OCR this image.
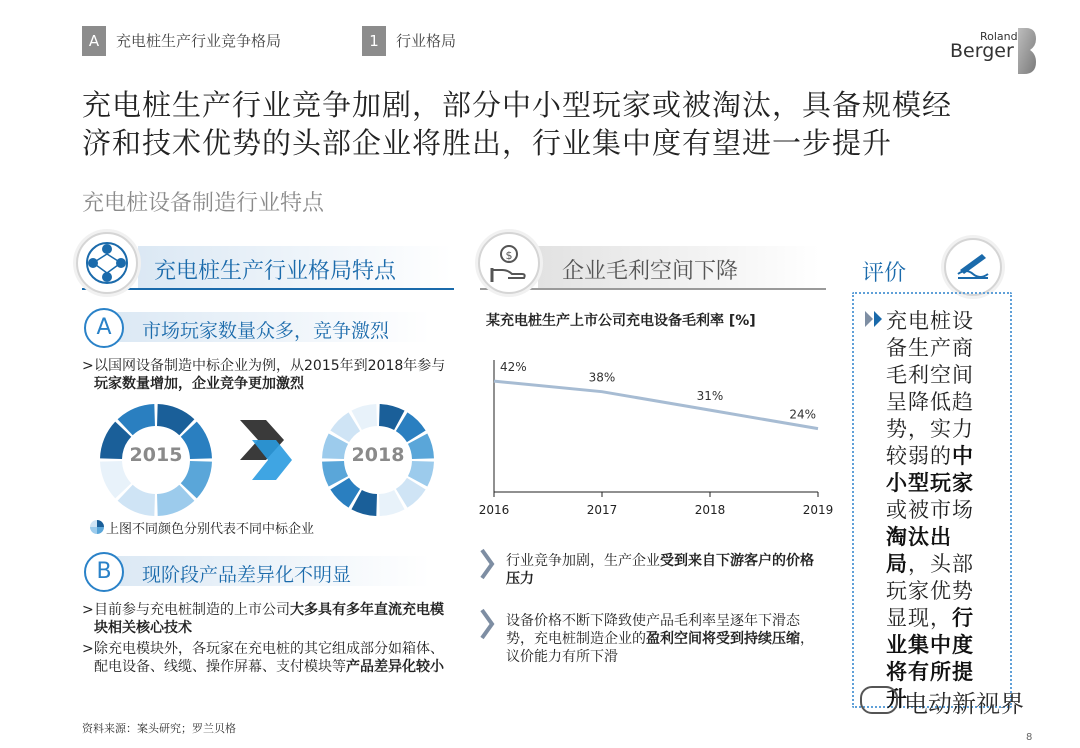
A	充电桩生产行业竞争格局	1	行业格局	Roland
Berger
充电桩生产行业竞争加剧，部分中小型玩家或被淘汰，具备规模经
济和技术优势的头部企业将胜出，行业集中度有望进一步提升
充电桩设备制造行业特点
充电桩生产行业格局特点
A	市场玩家数量众多，竞争激烈
> 以国网设备制造中标企业为例，从2015年到2018年参与玩家数量增加，企业竞争更加激烈
2015	2018
上图不同颜色分别代表不同中标企业
B	现阶段产品差异化不明显
> 目前参与充电桩制造的上市公司大多具有多年直流充电模块相关核心技术
> 除充电模块外，各玩家在充电桩的其它组成部分如箱体、配电设备、线缆、操作屏幕、支付模块等产品差异化较小
$
企业毛利空间下降
某充电桩生产上市公司充电设备毛利率 [%]
2016	2017	2018	2019
42%
38%
31%
24%
行业竞争加剧，生产企业受到来自下游客户的价格压力
设备价格不断下降致使产品毛利率呈逐年下滑态势，充电桩制造企业的盈利空间将受到持续压缩，议价能力有所下滑
评价
充电桩设备生产商毛利空间呈降低趋势，实力较弱的中小型玩家或被市场淘汰出局，头部玩家优势显现，行业集中度将有所提升
资料来源：案头研究；罗兰贝格
8
电动新视界
